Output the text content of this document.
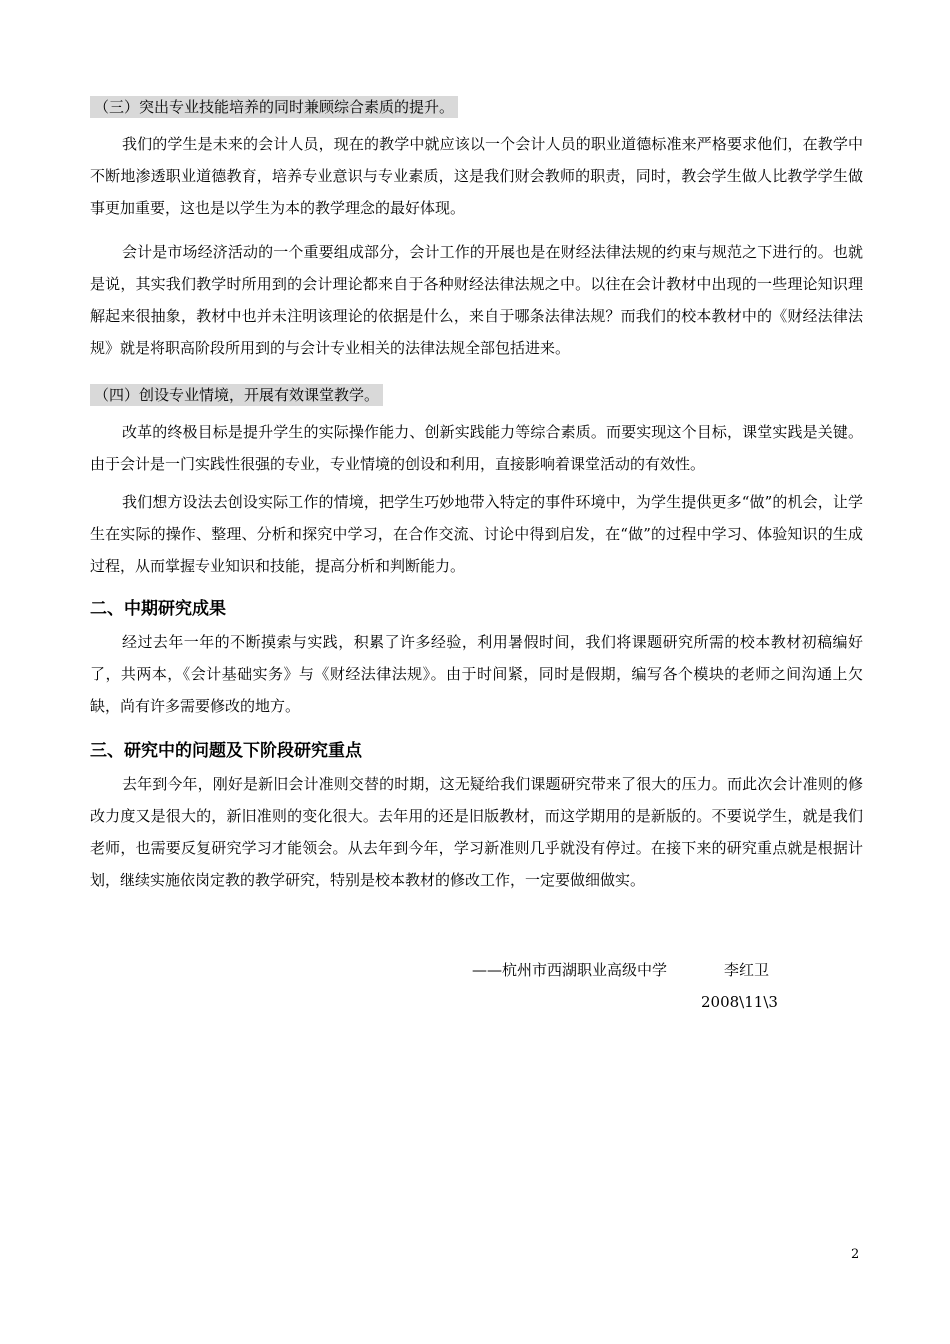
（三）突出专业技能培养的同时兼顾综合素质的提升。

我们的学生是未来的会计人员，现在的教学中就应该以一个会计人员的职业道德标准来严格要求他们，在教学中不断地渗透职业道德教育，培养专业意识与专业素质，这是我们财会教师的职责，同时，教会学生做人比教学学生做事更加重要，这也是以学生为本的教学理念的最好体现。

会计是市场经济活动的一个重要组成部分，会计工作的开展也是在财经法律法规的约束与规范之下进行的。也就是说，其实我们教学时所用到的会计理论都来自于各种财经法律法规之中。以往在会计教材中出现的一些理论知识理解起来很抽象，教材中也并未注明该理论的依据是什么，来自于哪条法律法规？而我们的校本教材中的《财经法律法规》就是将职高阶段所用到的与会计专业相关的法律法规全部包括进来。

（四）创设专业情境，开展有效课堂教学。

改革的终极目标是提升学生的实际操作能力、创新实践能力等综合素质。而要实现这个目标，课堂实践是关键。由于会计是一门实践性很强的专业，专业情境的创设和利用，直接影响着课堂活动的有效性。

我们想方设法去创设实际工作的情境，把学生巧妙地带入特定的事件环境中，为学生提供更多“做”的机会，让学生在实际的操作、整理、分析和探究中学习，在合作交流、讨论中得到启发，在“做”的过程中学习、体验知识的生成过程，从而掌握专业知识和技能，提高分析和判断能力。

二、中期研究成果

经过去年一年的不断摸索与实践，积累了许多经验，利用暑假时间，我们将课题研究所需的校本教材初稿编好了，共两本，《会计基础实务》与《财经法律法规》。由于时间紧，同时是假期，编写各个模块的老师之间沟通上欠缺，尚有许多需要修改的地方。

三、研究中的问题及下阶段研究重点

去年到今年，刚好是新旧会计准则交替的时期，这无疑给我们课题研究带来了很大的压力。而此次会计准则的修改力度又是很大的，新旧准则的变化很大。去年用的还是旧版教材，而这学期用的是新版的。不要说学生，就是我们老师，也需要反复研究学习才能领会。从去年到今年，学习新准则几乎就没有停过。在接下来的研究重点就是根据计划，继续实施依岗定教的教学研究，特别是校本教材的修改工作，一定要做细做实。

——杭州市西湖职业高级中学	李红卫
2008\11\3
2
